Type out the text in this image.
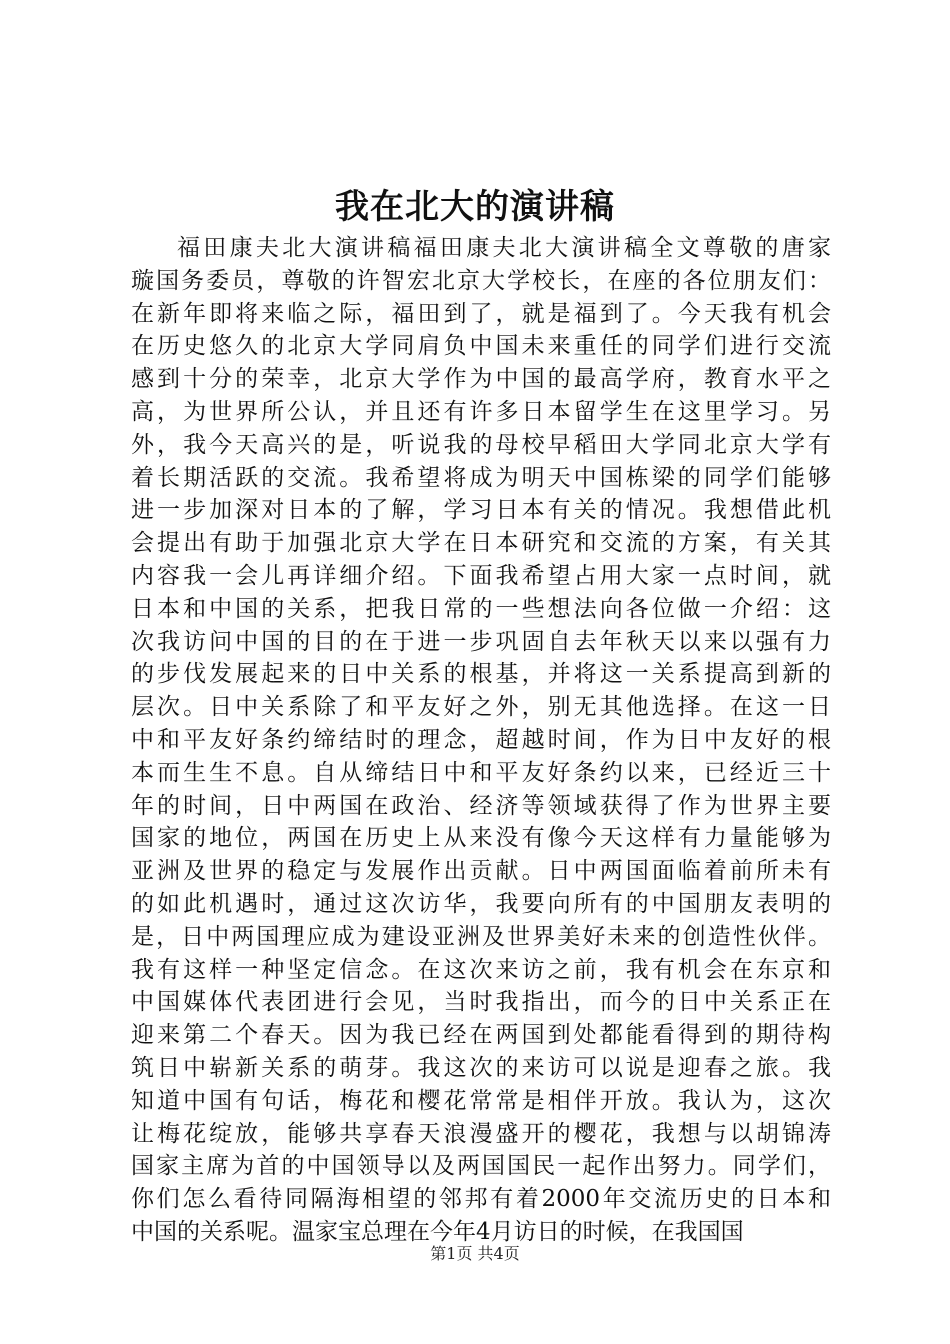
我在北大的演讲稿
福田康夫北大演讲稿福田康夫北大演讲稿全文尊敬的唐家
璇国务委员，尊敬的许智宏北京大学校长，在座的各位朋友们：
在新年即将来临之际，福田到了，就是福到了。今天我有机会
在历史悠久的北京大学同肩负中国未来重任的同学们进行交流
感到十分的荣幸，北京大学作为中国的最高学府，教育水平之
高，为世界所公认，并且还有许多日本留学生在这里学习。另
外，我今天高兴的是，听说我的母校早稻田大学同北京大学有
着长期活跃的交流。我希望将成为明天中国栋梁的同学们能够
进一步加深对日本的了解，学习日本有关的情况。我想借此机
会提出有助于加强北京大学在日本研究和交流的方案，有关其
内容我一会儿再详细介绍。下面我希望占用大家一点时间，就
日本和中国的关系，把我日常的一些想法向各位做一介绍：这
次我访问中国的目的在于进一步巩固自去年秋天以来以强有力
的步伐发展起来的日中关系的根基，并将这一关系提高到新的
层次。日中关系除了和平友好之外，别无其他选择。在这一日
中和平友好条约缔结时的理念，超越时间，作为日中友好的根
本而生生不息。自从缔结日中和平友好条约以来，已经近三十
年的时间，日中两国在政治、经济等领域获得了作为世界主要
国家的地位，两国在历史上从来没有像今天这样有力量能够为
亚洲及世界的稳定与发展作出贡献。日中两国面临着前所未有
的如此机遇时，通过这次访华，我要向所有的中国朋友表明的
是，日中两国理应成为建设亚洲及世界美好未来的创造性伙伴。
我有这样一种坚定信念。在这次来访之前，我有机会在东京和
中国媒体代表团进行会见，当时我指出，而今的日中关系正在
迎来第二个春天。因为我已经在两国到处都能看得到的期待构
筑日中崭新关系的萌芽。我这次的来访可以说是迎春之旅。我
知道中国有句话，梅花和樱花常常是相伴开放。我认为，这次
让梅花绽放，能够共享春天浪漫盛开的樱花，我想与以胡锦涛
国家主席为首的中国领导以及两国国民一起作出努力。同学们，
你们怎么看待同隔海相望的邻邦有着2000年交流历史的日本和
中国的关系呢。温家宝总理在今年4月访日的时候，在我国国
第1页 共4页
